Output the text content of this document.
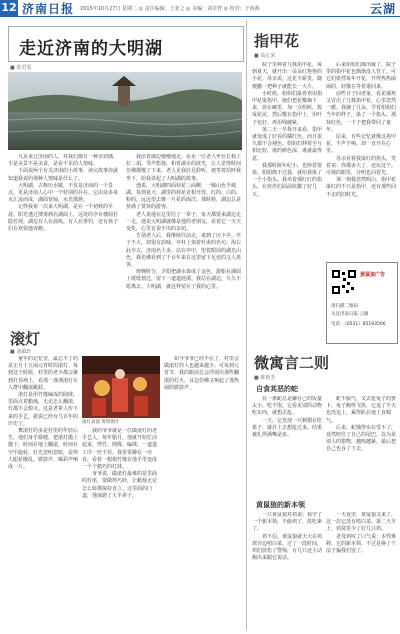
12 济南日报 2015年10月27日 星期二 ◎ 责任编辑：王亚之 ◎ 美编：刘卓智 ◎ 校对：于海燕	云湖
走近济南的大明湖
■ 张君雯

凡是来过济南的人，对我们都有一种亲切感，不是美景不是美食，是看不见的人情味。

下面说两个有关济南的小故事，读完故事你就知道我说的那种人情味是什么了。

大明湖，古称历水陂，不仅是济南的一个景点，更是济南人心中一个特别的存在。它由众多泉水汇流而成，湖面宽阔，水光潋滟。

记得我第一次来大明湖，是在一个初秋的早晨。阳光透过薄雾洒在湖面上，远处的亭台楼阁若隐若现。湖边有人在晨练，有人在垂钓，还有孩子们在欢快地奔跑。

我沿着湖边慢慢地走，看见一位老人坐在长椅上拉二胡。琴声悠扬，和着湖水的波光，让人觉得时间仿佛都慢了下来。老人见我驻足聆听，便笑着招呼我坐下，给我讲起了大明湖的故事。

他说，大明湖四面荷花三面柳，一城山色半城湖。每到夏天，湖里的荷花竞相开放，红的、白的、粉的，远远望去像一片花的海洋。那时候，湖边总是挤满了赏荷的游客。

老人说他在这里住了一辈子，每天都要来湖边走一走。他说大明湖就像是他的老朋友，看着它一天天变化，心里有说不出的亲切。

告别老人后，我继续往前走，来到了历下亭。亭子不大，却很有韵味。亭柱上刻着杜甫的名句：海右此亭古，济南名士多。站在亭中，望着眼前的湖光山色，我仿佛看到了千百年来在这里留下足迹的文人墨客。

傍晚时分，夕阳把湖水染成了金色，游船在湖面上缓缓划过，留下一道道涟漪。我站在湖边，久久不愿离去。大明湖，就这样留在了我的心里。

滚灯
■ 刘敏轩

童年的记忆里，最忘不了的是正月十五闹元宵时的滚灯。每到这个时候，村里的老少都会聚到打谷场上，看那一盏盏滚灯在人群中翻滚跳跃。

滚灯是用竹篾编成的圆球，里面点着蜡烛，无论怎么翻滚，灯都不会熄灭。这是老辈人传下来的手艺，据说已经有几百年的历史了。

舞滚灯的多是村里的年轻后生，他们身手矫健，把滚灯抛上抛下，时而在地上翻滚，时而在空中旋转，灯光忽明忽暗，看得人眼花缭乱。锣鼓声、喝彩声响成一片。

滚灯表演 资料图片

我的爷爷就是一位做滚灯的老手艺人。每年腊月，他就开始忙活起来，劈竹、削篾、编球，一道道工序一丝不苟。我常常蹲在一旁看，看着一根根竹篾在他手里变成一个个精巧的灯球。

爷爷说，做滚灯最难的是里面的灯座，要做得巧妙，让蜡烛无论怎么转都保持直立。这里面的门道，他琢磨了大半辈子。

如今爷爷已经不在了，村里会做滚灯的人也越来越少。可每到元宵节，我的眼前总会浮现出那些翻滚的灯火，耳边仿佛又响起了那热闹的锣鼓声。

指甲花
■ 高正荣

院子里种着几株指甲花，每到夏天，就开出一朵朵红艳艳的小花。母亲说，这花不娇贵，随便撒一把种子就能长一大片。

小时候，姐姐们最喜欢用指甲花染指甲。她们把花瓣摘下来，放在碗里，加一点明矾，捣成花泥，然后敷在指甲上，用叶子包好，再用线缠紧。

第二天一早拆开来看，指甲就变成了好看的橘红色，而且很久都不会褪色。姐姐们伸着手互相比较，谁的颜色深，谁就最得意。

我那时候年纪小，也吵着要染。姐姐拗不过我，就给我染了一个小指头。我举着那红红的指头，在伙伴们面前炫耀了好几天。

后来姐姐们都出嫁了，院子里的指甲花也渐渐没人管了。可它们依然每年开花，开得热热闹闹的，好像在等着谁回来。

前些日子回老家，看见墙角又冒出了几株指甲花，心里忽然一暖。我摘了几朵，学着姐姐们当年的样子，染了一个指头。那抹红色，一下子把我带回了童年。

原来，有些记忆就像这指甲花，不声不响，却一直开在心里。

母亲看着我染红的指头，笑着说：你都多大了，还玩这个。可她的眼里，分明也闪着光。

那一刻我忽然明白，指甲花染红的不只是指甲，还有那些回不去的旧时光。

黄鼠狼广告
请扫描二维码
关注济南日报·云湖
电话：（0531）85193566
微寓言二则
■ 陈艳芳
自食其恶的蛇

有一条蛇总是嫌自己的饭量太小，吃不饱。它看见别的动物吃东西，就想去抢。

一天，它发现一只刺猬在吃果子，就扑上去想抢过来，结果被扎得满嘴是血。

蛇不服气，又去抢兔子的萝卜，兔子跑得飞快，它追了半天也没追上，累得趴在地上直喘气。

后来，蛇饿得实在受不了，竟然咬住了自己的尾巴，以为是别人的猎物，越咬越紧，最后把自己也吞了下去。

黄鼠狼的新本领

一只黄鼠狼对鸡说：我学了一个新本领，不偷鸡了，改吃素了。

鸡不信，黄鼠狼就天天在鸡窝旁边啃白菜。过了一段时间，鸡们放松了警惕，有几只还主动跑出来跟它说话。

一天夜里，黄鼠狼又来了，这一次它没有啃白菜。第二天早上，鸡窝里少了好几只鸡。

老母鸡叹了口气说：本性难移，它的新本领，不过是换了个法子骗我们罢了。
